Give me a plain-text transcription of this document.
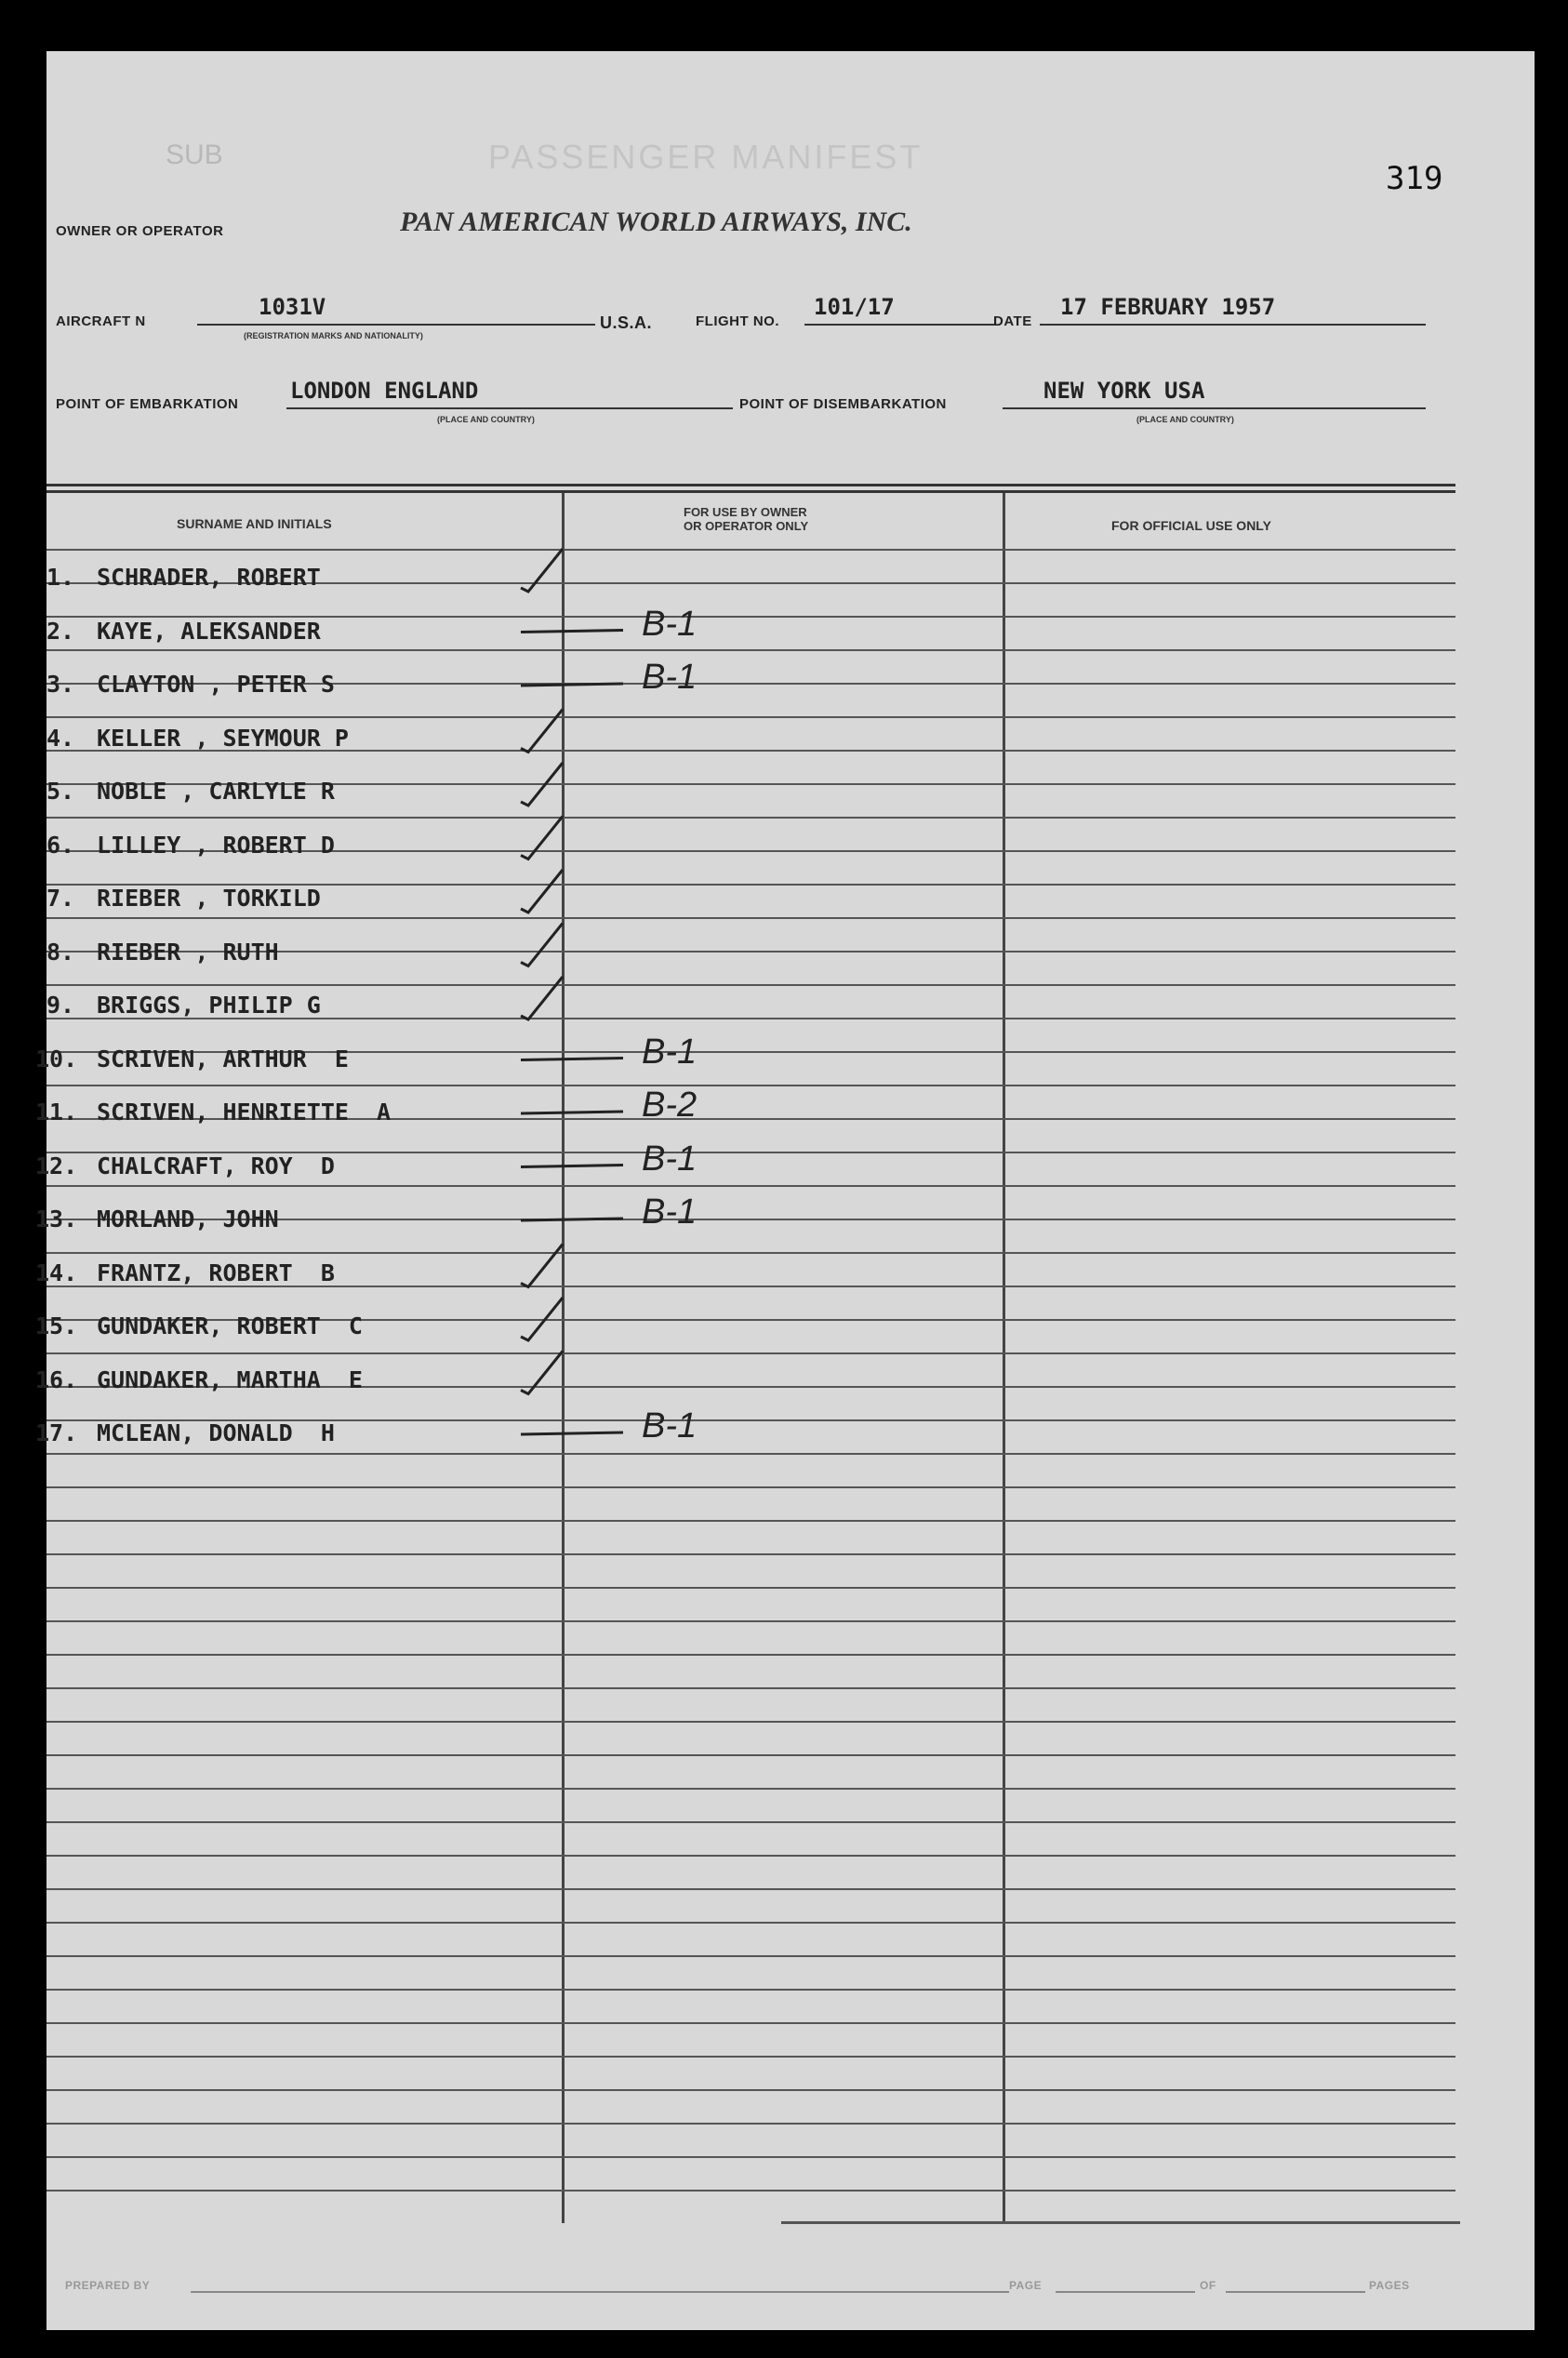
PASSENGER MANIFEST
SUB
319
OWNER OR OPERATOR	PAN AMERICAN WORLD AIRWAYS, INC.
AIRCRAFT N
1031V
(REGISTRATION MARKS AND NATIONALITY)
U.S.A.	FLIGHT NO.
101/17
DATE
17 FEBRUARY 1957
POINT OF EMBARKATION
LONDON ENGLAND
(PLACE AND COUNTRY)
POINT OF DISEMBARKATION
NEW YORK USA
(PLACE AND COUNTRY)
SURNAME AND INITIALS
FOR USE BY OWNER
OR OPERATOR ONLY	FOR OFFICIAL USE ONLY
1. SCHRADER, ROBERT
2. KAYE, ALEKSANDER	B-1
3. CLAYTON , PETER S	B-1
4. KELLER , SEYMOUR P
5. NOBLE , CARLYLE R
6. LILLEY , ROBERT D
7. RIEBER , TORKILD
8. RIEBER , RUTH
9. BRIGGS, PHILIP G
10. SCRIVEN, ARTHUR  E	B-1
11. SCRIVEN, HENRIETTE  A	B-2
12. CHALCRAFT, ROY  D	B-1
13. MORLAND, JOHN	B-1
14. FRANTZ, ROBERT  B
15. GUNDAKER, ROBERT  C
16. GUNDAKER, MARTHA  E
17. MCLEAN, DONALD  H	B-1
PREPARED BY	PAGE	OF	PAGES
